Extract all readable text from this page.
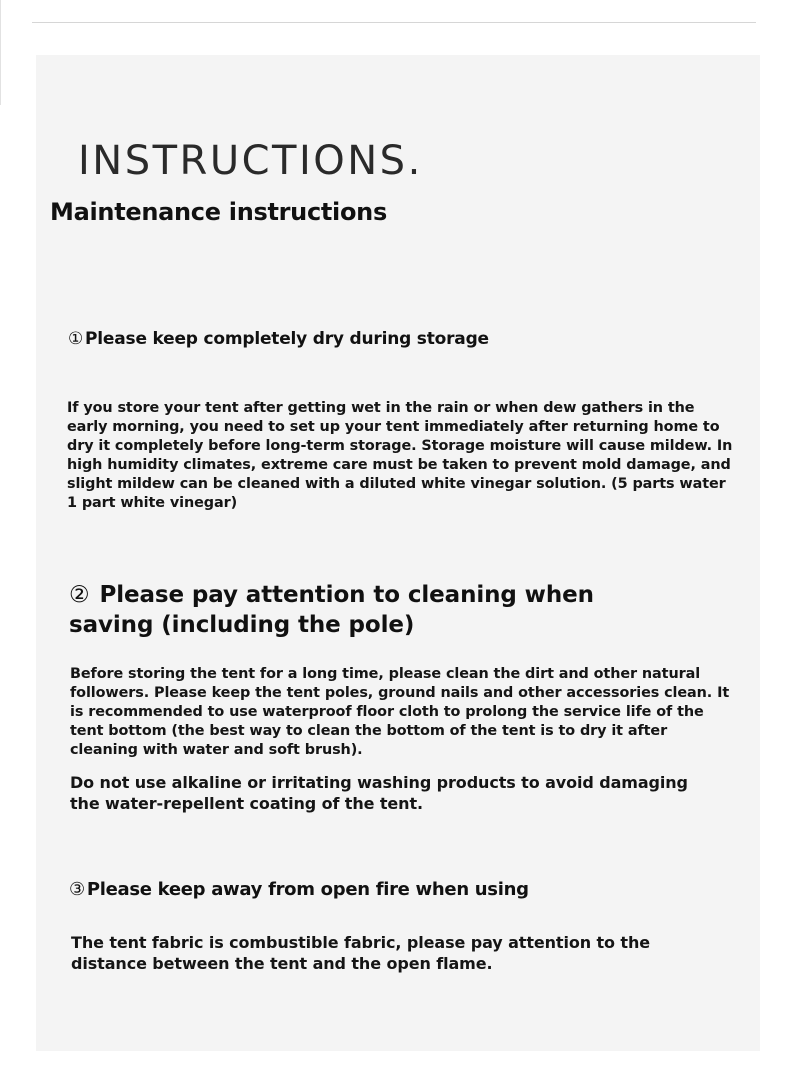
INSTRUCTIONS.
Maintenance instructions
① Please keep completely dry during storage

If you store your tent after getting wet in the rain or when dew gathers in the early morning, you need to set up your tent immediately after returning home to dry it completely before long-term storage. Storage moisture will cause mildew. In high humidity climates, extreme care must be taken to prevent mold damage, and slight mildew can be cleaned with a diluted white vinegar solution. (5 parts water 1 part white vinegar)

② Please pay attention to cleaning when saving (including the pole)

Before storing the tent for a long time, please clean the dirt and other natural followers. Please keep the tent poles, ground nails and other accessories clean. It is recommended to use waterproof floor cloth to prolong the service life of the tent bottom (the best way to clean the bottom of the tent is to dry it after cleaning with water and soft brush).

Do not use alkaline or irritating washing products to avoid damaging the water-repellent coating of the tent.

③ Please keep away from open fire when using

The tent fabric is combustible fabric, please pay attention to the distance between the tent and the open flame.
